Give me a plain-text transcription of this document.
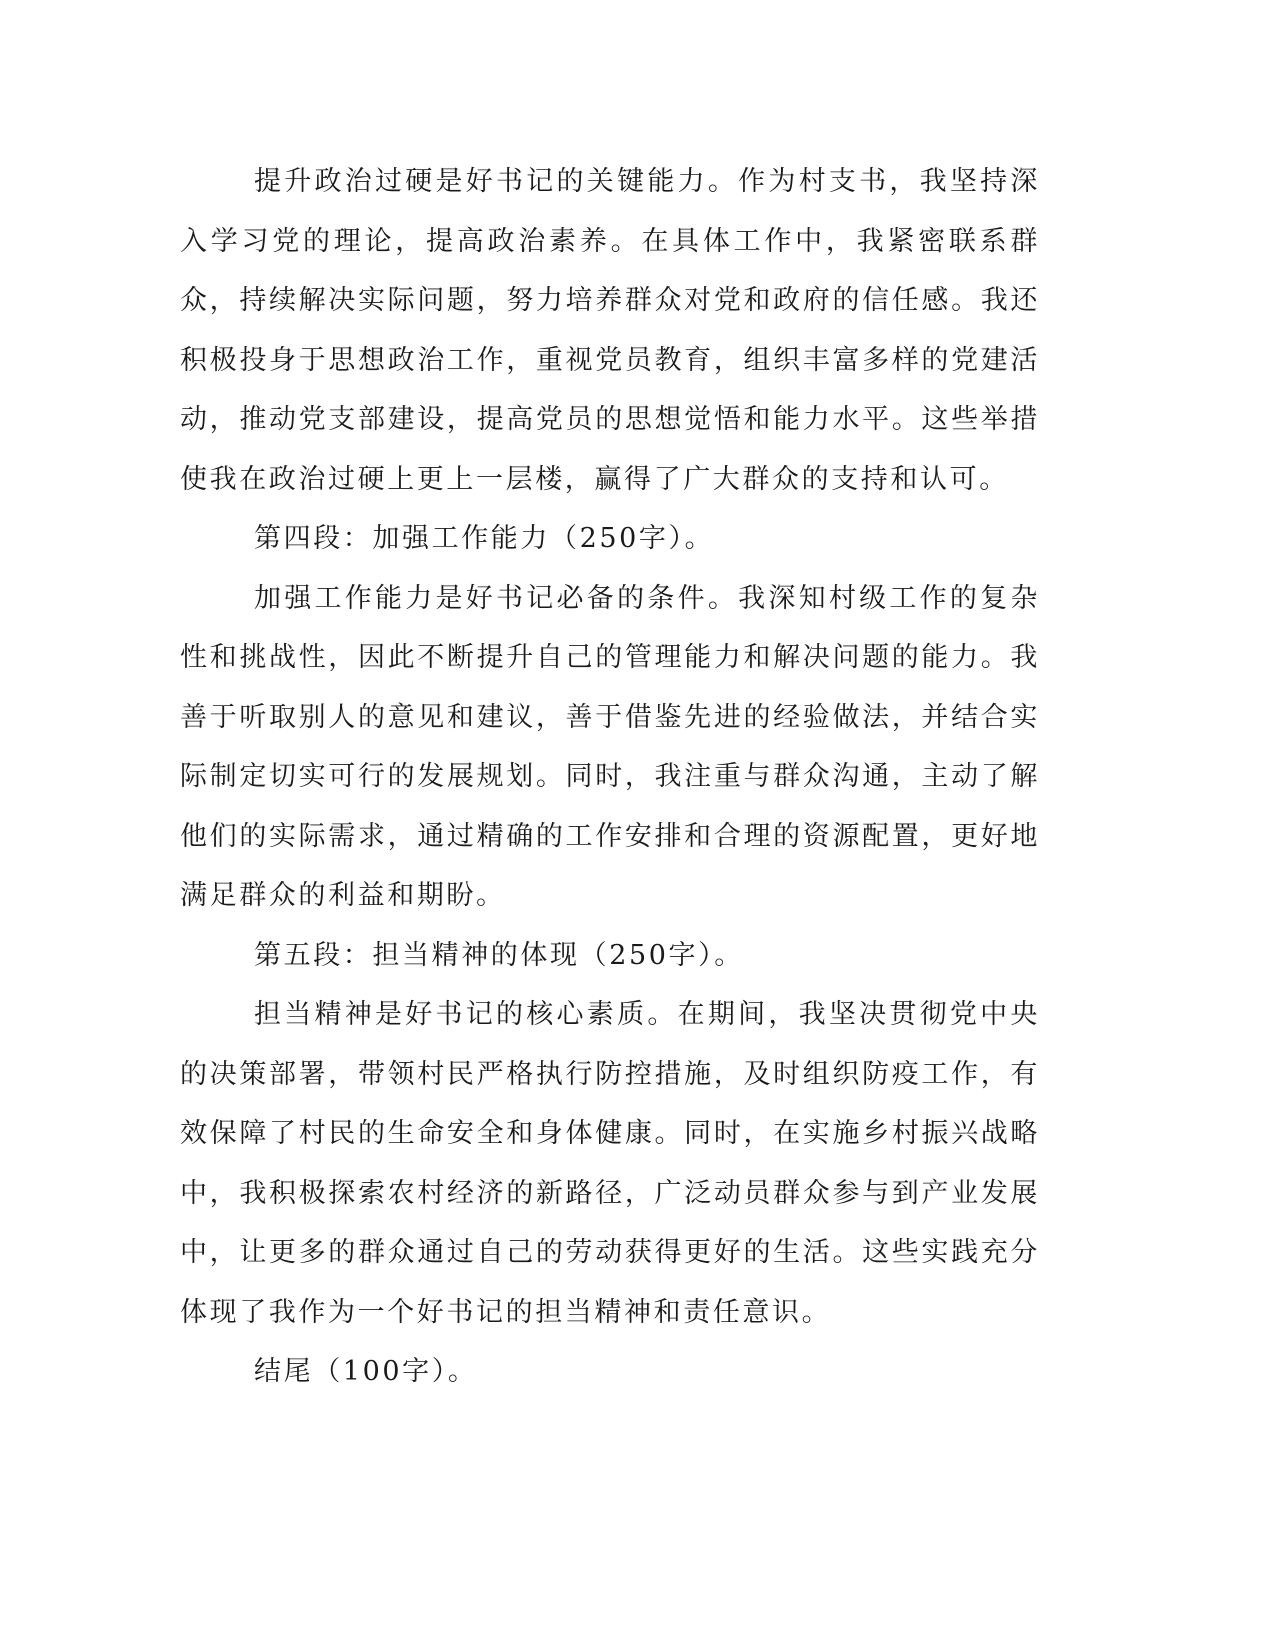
提升政治过硬是好书记的关键能力。作为村支书，我坚持深入学习党的理论，提高政治素养。在具体工作中，我紧密联系群众，持续解决实际问题，努力培养群众对党和政府的信任感。我还积极投身于思想政治工作，重视党员教育，组织丰富多样的党建活动，推动党支部建设，提高党员的思想觉悟和能力水平。这些举措使我在政治过硬上更上一层楼，赢得了广大群众的支持和认可。

第四段：加强工作能力（250字）。

加强工作能力是好书记必备的条件。我深知村级工作的复杂性和挑战性，因此不断提升自己的管理能力和解决问题的能力。我善于听取别人的意见和建议，善于借鉴先进的经验做法，并结合实际制定切实可行的发展规划。同时，我注重与群众沟通，主动了解他们的实际需求，通过精确的工作安排和合理的资源配置，更好地满足群众的利益和期盼。

第五段：担当精神的体现（250字）。

担当精神是好书记的核心素质。在期间，我坚决贯彻党中央的决策部署，带领村民严格执行防控措施，及时组织防疫工作，有效保障了村民的生命安全和身体健康。同时，在实施乡村振兴战略中，我积极探索农村经济的新路径，广泛动员群众参与到产业发展中，让更多的群众通过自己的劳动获得更好的生活。这些实践充分体现了我作为一个好书记的担当精神和责任意识。

结尾（100字）。
